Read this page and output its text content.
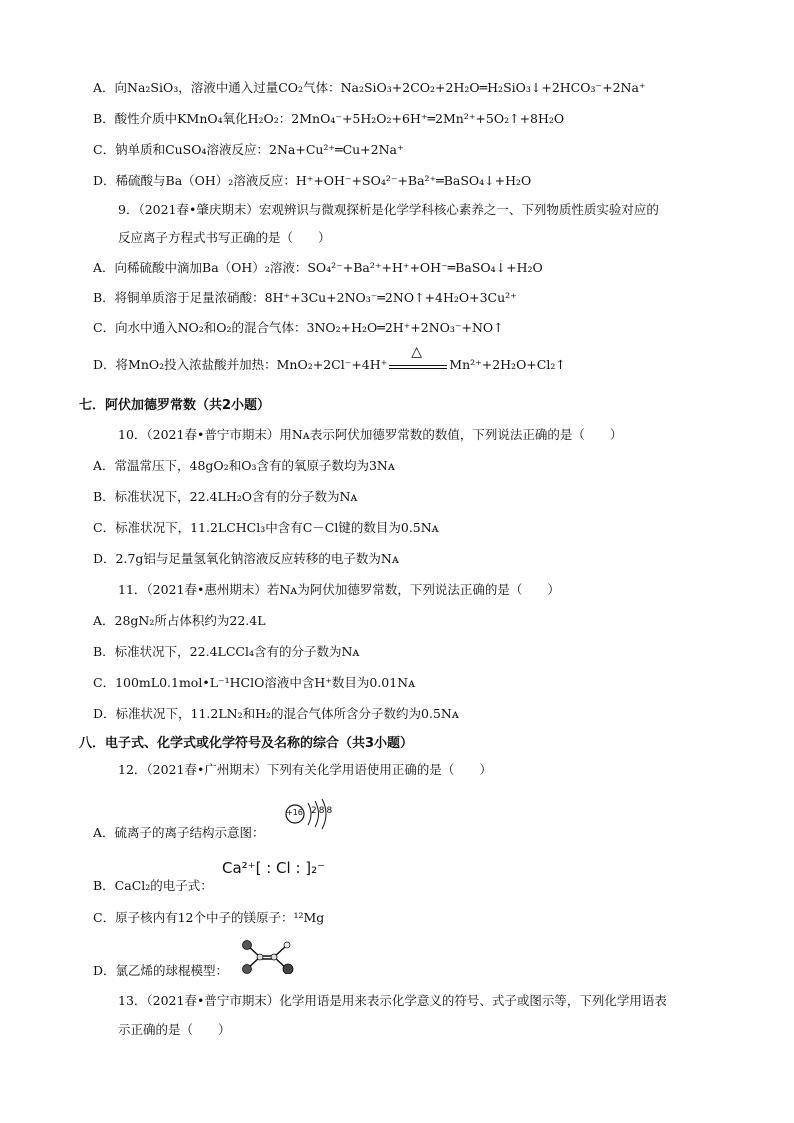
A．向Na₂SiO₃，溶液中通入过量CO₂气体：Na₂SiO₃+2CO₂+2H₂O═H₂SiO₃↓+2HCO₃⁻+2Na⁺
B．酸性介质中KMnO₄氧化H₂O₂：2MnO₄⁻+5H₂O₂+6H⁺═2Mn²⁺+5O₂↑+8H₂O
C．钠单质和CuSO₄溶液反应：2Na+Cu²⁺═Cu+2Na⁺
D．稀硫酸与Ba（OH）₂溶液反应：H⁺+OH⁻+SO₄²⁻+Ba²⁺═BaSO₄↓+H₂O
9．（2021春•肇庆期末）宏观辨识与微观探析是化学学科核心素养之一、下列物质性质实验对应的
反应离子方程式书写正确的是（　　）
A．向稀硫酸中滴加Ba（OH）₂溶液：SO₄²⁻+Ba²⁺+H⁺+OH⁻═BaSO₄↓+H₂O
B．将铜单质溶于足量浓硝酸：8H⁺+3Cu+2NO₃⁻═2NO↑+4H₂O+3Cu²⁺
C．向水中通入NO₂和O₂的混合气体：3NO₂+H₂O═2H⁺+2NO₃⁻+NO↑
D．将MnO₂投入浓盐酸并加热：MnO₂+2Cl⁻+4H⁺
△
Mn²⁺+2H₂O+Cl₂↑
七．阿伏加德罗常数（共2小题）
10．（2021春•普宁市期末）用Nᴀ表示阿伏加德罗常数的数值，下列说法正确的是（　　）
A．常温常压下，48gO₂和O₃含有的氧原子数均为3Nᴀ
B．标准状况下，22.4LH₂O含有的分子数为Nᴀ
C．标准状况下，11.2LCHCl₃中含有C－Cl键的数目为0.5Nᴀ
D．2.7g铝与足量氢氧化钠溶液反应转移的电子数为Nᴀ
11．（2021春•惠州期末）若Nᴀ为阿伏加德罗常数，下列说法正确的是（　　）
A．28gN₂所占体积约为22.4L
B．标准状况下，22.4LCCl₄含有的分子数为Nᴀ
C．100mL0.1mol•L⁻¹HClO溶液中含H⁺数目为0.01Nᴀ
D．标准状况下，11.2LN₂和H₂的混合气体所含分子数约为0.5Nᴀ
八．电子式、化学式或化学符号及名称的综合（共3小题）
12．（2021春•广州期末）下列有关化学用语使用正确的是（　　）
A．硫离子的离子结构示意图：
+16 288
B．CaCl₂的电子式：
Ca²⁺[ : Cl : ]₂⁻
C．原子核内有12个中子的镁原子：¹²Mg
D．氯乙烯的球棍模型：
13．（2021春•普宁市期末）化学用语是用来表示化学意义的符号、式子或图示等，下列化学用语表
示正确的是（　　）
